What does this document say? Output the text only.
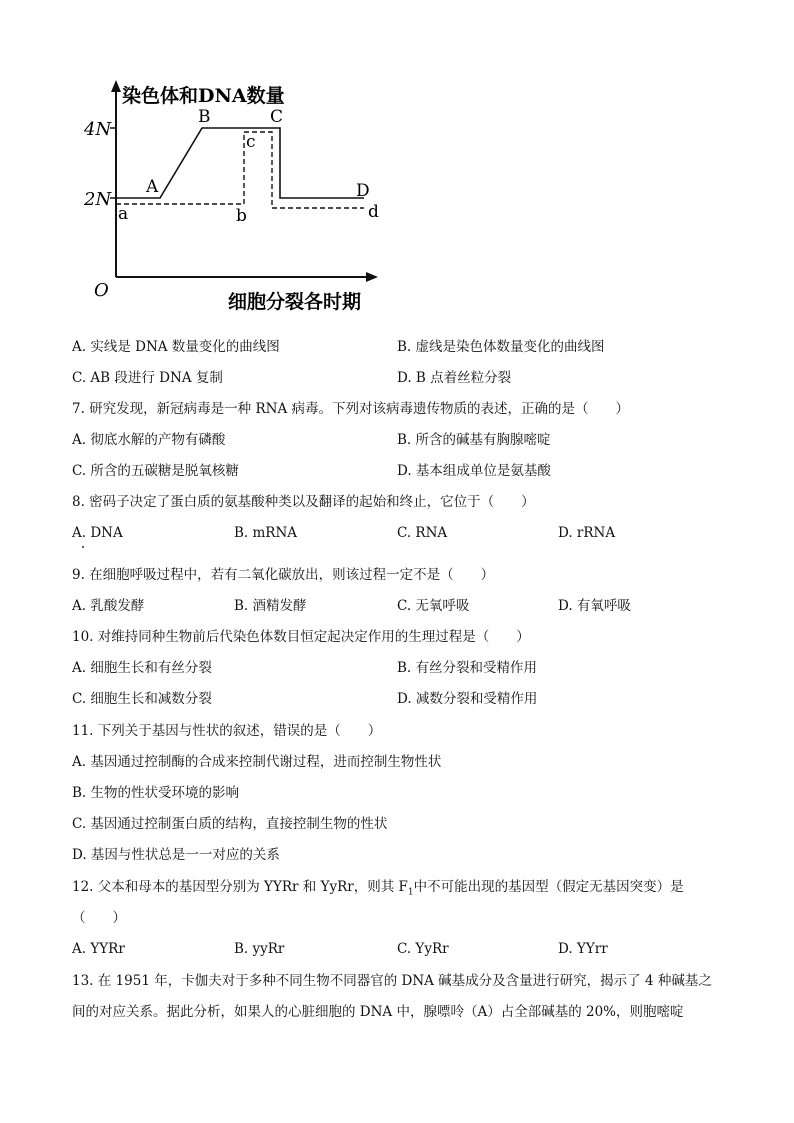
染色体和DNA数量
细胞分裂各时期
O
4N
2N
A
B	C
D
a	b
c
d
A. 实线是 DNA 数量变化的曲线图	B. 虚线是染色体数量变化的曲线图
C. AB 段进行 DNA 复制	D. B 点着丝粒分裂
7. 研究发现，新冠病毒是一种 RNA 病毒。下列对该病毒遗传物质的表述，正确的是（　　）
A. 彻底水解的产物有磷酸	B. 所含的碱基有胸腺嘧啶
C. 所含的五碳糖是脱氧核糖	D. 基本组成单位是氨基酸
8. 密码子决定了蛋白质的氨基酸种类以及翻译的起始和终止，它位于（　　）
A. DNA	B. mRNA	C. RNA	D. rRNA
9. 在细胞呼吸过程中，若有二氧化碳放出，则该过程一定不是（　　）
A. 乳酸发酵	B. 酒精发酵	C. 无氧呼吸	D. 有氧呼吸
10. 对维持同种生物前后代染色体数目恒定起决定作用的生理过程是（　　）
A. 细胞生长和有丝分裂	B. 有丝分裂和受精作用
C. 细胞生长和减数分裂	D. 减数分裂和受精作用
11. 下列关于基因与性状的叙述，错误的是（　　）
A. 基因通过控制酶的合成来控制代谢过程，进而控制生物性状
B. 生物的性状受环境的影响
C. 基因通过控制蛋白质的结构，直接控制生物的性状
D. 基因与性状总是一一对应的关系
12. 父本和母本的基因型分别为 YYRr 和 YyRr，则其 $F_1$中不可能出现的基因型（假定无基因突变）是
（　　）
A. YYRr	B. yyRr	C. YyRr	D. YYrr
13. 在 1951 年，卡伽夫对于多种不同生物不同器官的 DNA 碱基成分及含量进行研究，揭示了 4 种碱基之
间的对应关系。据此分析，如果人的心脏细胞的 DNA 中，腺嘌呤（A）占全部碱基的 20%，则胞嘧啶
